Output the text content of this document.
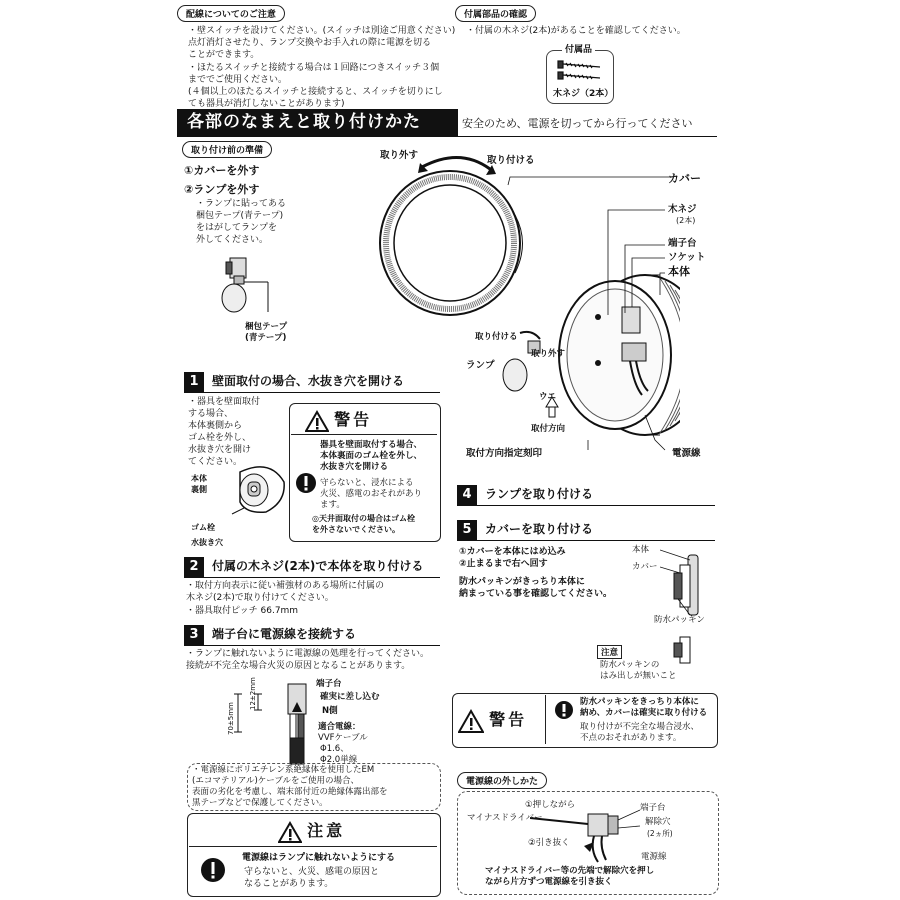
配線についてのご注意
・壁スイッチを設けてください。(スイッチは別途ご用意ください)
点灯消灯させたり、ランプ交換やお手入れの際に電源を切る
ことができます。
・ほたるスイッチと接続する場合は１回路につきスイッチ３個
まででご使用ください。
(４個以上のほたるスイッチと接続すると、スイッチを切りにし
ても器具が消灯しないことがあります)
付属部品の確認
・付属の木ネジ(2本)があることを確認してください。
付属品
木ネジ（2本）
各部のなまえと取り付けかた	安全のため、電源を切ってから行ってください
取り付け前の準備
①カバーを外す
②ランプを外す
・ランプに貼ってある
梱包テープ(青テープ)
をはがしてランプを
外してください。
梱包テープ
(青テープ)
取り外す	取り付ける
カバー
木ネジ
(2本)
端子台
ソケット
本体
取り付ける
取り外す
ランプ
ウエ
取付方向
取付方向指定刻印	電源線
1 壁面取付の場合、水抜き穴を開ける
・器具を壁面取付
する場合、
本体裏側から
ゴム栓を外し、
水抜き穴を開け
てください。
本体
裏側
ゴム栓
水抜き穴
警告
器具を壁面取付する場合、
本体裏面のゴム栓を外し、
水抜き穴を開ける
守らないと、浸水による
火災、感電のおそれがあり
ます。
◎天井面取付の場合はゴム栓
を外さないでください。
2 付属の木ネジ(2本)で本体を取り付ける
・取付方向表示に従い補強材のある場所に付属の
木ネジ(2本)で取り付けてください。
・器具取付ピッチ 66.7mm
3 端子台に電源線を接続する
・ランプに触れないように電源線の処理を行ってください。
接続が不完全な場合火災の原因となることがあります。
70±5mm
12±2mm	端子台
確実に差し込む
N側
適合電線：
VVFケーブル
Φ1.6、
Φ2.0単線
・電源線にポリエチレン系絶縁体を使用したEM
(エコマテリアル)ケーブルをご使用の場合、
表面の劣化を考慮し、端末部付近の絶縁体露出部を
黒テープなどで保護してください。
注意
電源線はランプに触れないようにする
守らないと、火災、感電の原因と
なることがあります。
4 ランプを取り付ける
5 カバーを取り付ける
①カバーを本体にはめ込み
②止まるまで右へ回す
防水パッキンがきっちり本体に
納まっている事を確認してください。
本体
カバー
防水パッキン
注意
防水パッキンの
はみ出しが無いこと
警告
防水パッキンをきっちり本体に
納め、カバーは確実に取り付ける
取り付けが不完全な場合浸水、
不点のおそれがあります。
電源線の外しかた
①押しながら
マイナスドライバー
端子台
解除穴
(2ヵ所)
②引き抜く
電源線
マイナスドライバー等の先端で解除穴を押し
ながら片方ずつ電源線を引き抜く
